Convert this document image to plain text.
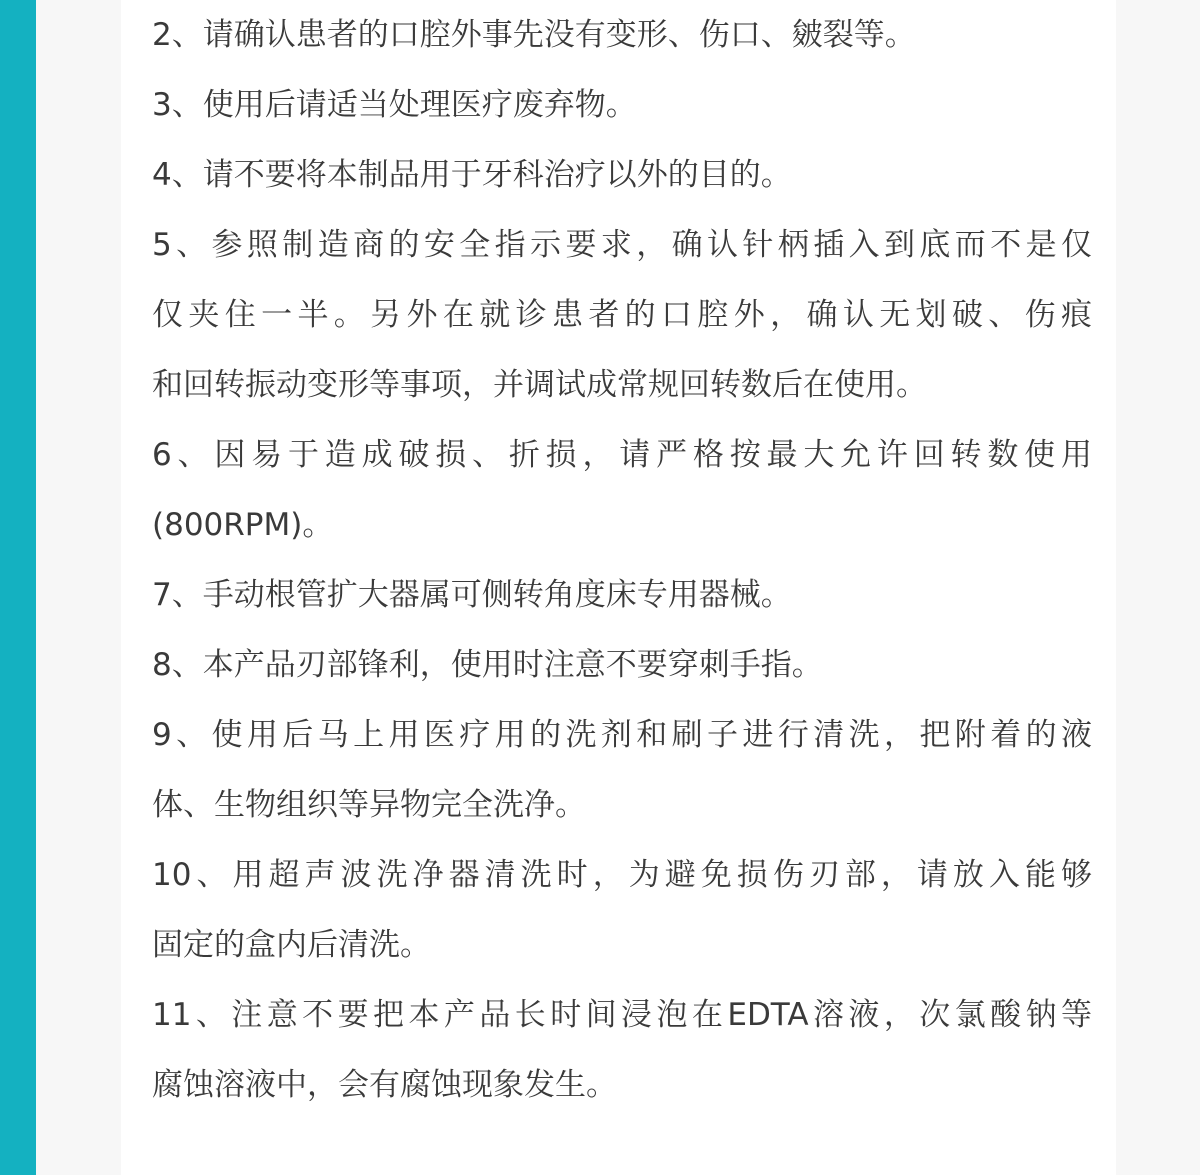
2、请确认患者的口腔外事先没有变形、伤口、皴裂等。
3、使用后请适当处理医疗废弃物。
4、请不要将本制品用于牙科治疗以外的目的。
5、参照制造商的安全指示要求，确认针柄插入到底而不是仅
仅夹住一半。另外在就诊患者的口腔外，确认无划破、伤痕
和回转振动变形等事项，并调试成常规回转数后在使用。
6、因易于造成破损、折损，请严格按最大允许回转数使用
(800RPM)。
7、手动根管扩大器属可侧转角度床专用器械。
8、本产品刃部锋利，使用时注意不要穿刺手指。
9、使用后马上用医疗用的洗剂和刷子进行清洗，把附着的液
体、生物组织等异物完全洗净。
10、用超声波洗净器清洗时，为避免损伤刃部，请放入能够
固定的盒内后清洗。
11、注意不要把本产品长时间浸泡在EDTA溶液，次氯酸钠等
腐蚀溶液中，会有腐蚀现象发生。
